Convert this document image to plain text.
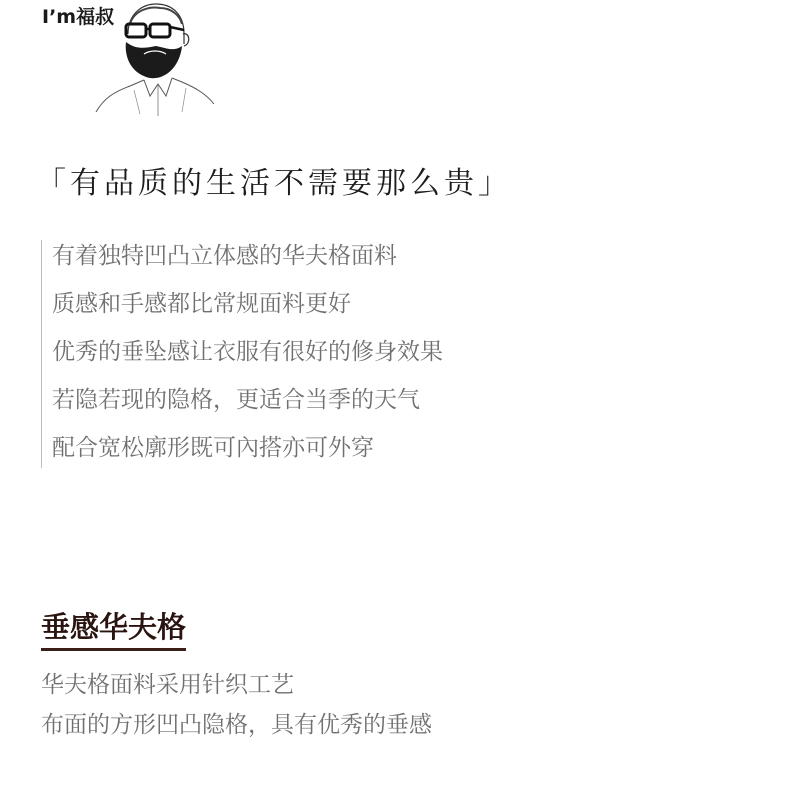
I’m福叔
「有品质的生活不需要那么贵」
有着独特凹凸立体感的华夫格面料
质感和手感都比常规面料更好
优秀的垂坠感让衣服有很好的修身效果
若隐若现的隐格，更适合当季的天气
配合宽松廓形既可內搭亦可外穿
垂感华夫格
华夫格面料采用针织工艺
布面的方形凹凸隐格，具有优秀的垂感
